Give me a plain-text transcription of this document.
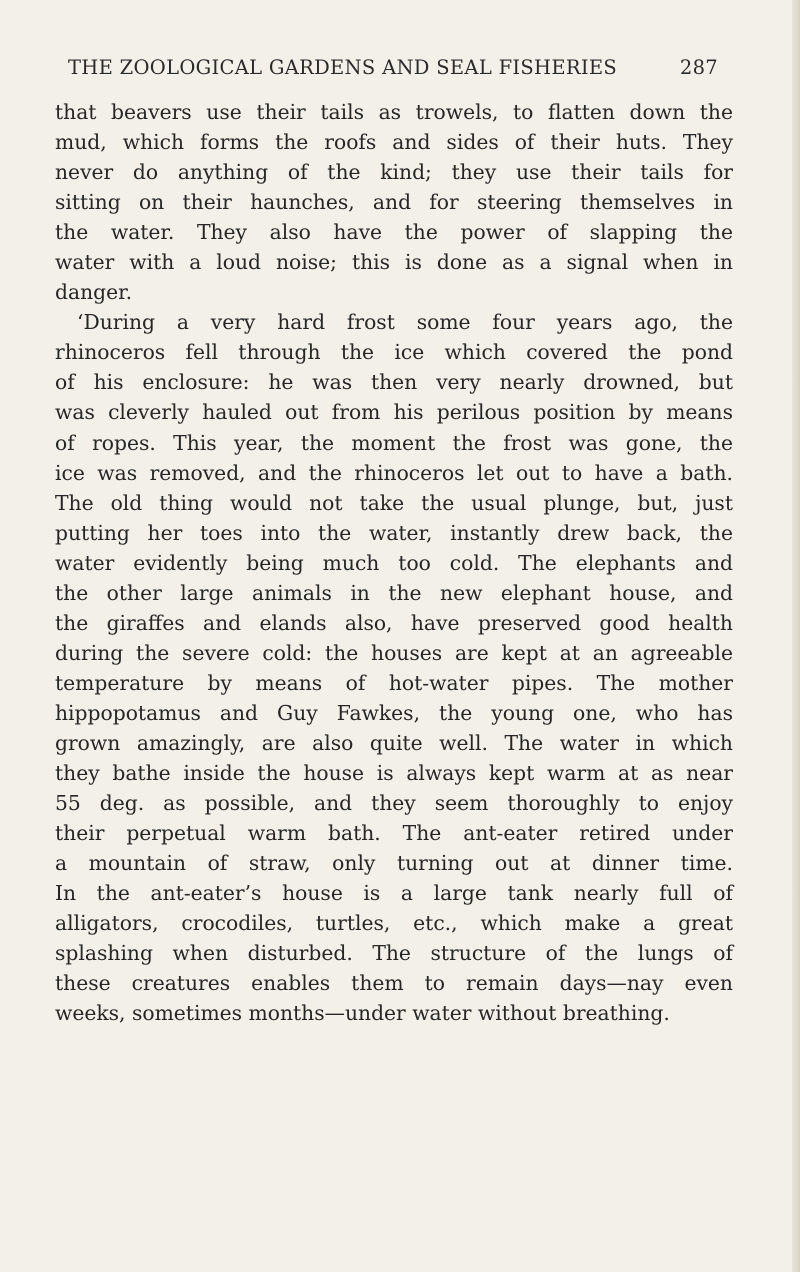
THE ZOOLOGICAL GARDENS AND SEAL FISHERIES	287
that beavers use their tails as trowels, to flatten down the
mud, which forms the roofs and sides of their huts. They
never do anything of the kind; they use their tails for
sitting on their haunches, and for steering themselves in
the water. They also have the power of slapping the
water with a loud noise; this is done as a signal when in
danger.
‘During a very hard frost some four years ago, the
rhinoceros fell through the ice which covered the pond
of his enclosure: he was then very nearly drowned, but
was cleverly hauled out from his perilous position by means
of ropes. This year, the moment the frost was gone, the
ice was removed, and the rhinoceros let out to have a bath.
The old thing would not take the usual plunge, but, just
putting her toes into the water, instantly drew back, the
water evidently being much too cold. The elephants and
the other large animals in the new elephant house, and
the giraffes and elands also, have preserved good health
during the severe cold: the houses are kept at an agreeable
temperature by means of hot-water pipes. The mother
hippopotamus and Guy Fawkes, the young one, who has
grown amazingly, are also quite well. The water in which
they bathe inside the house is always kept warm at as near
55 deg. as possible, and they seem thoroughly to enjoy
their perpetual warm bath. The ant-eater retired under
a mountain of straw, only turning out at dinner time.
In the ant-eater’s house is a large tank nearly full of
alligators, crocodiles, turtles, etc., which make a great
splashing when disturbed. The structure of the lungs of
these creatures enables them to remain days—nay even
weeks, sometimes months—under water without breathing.
